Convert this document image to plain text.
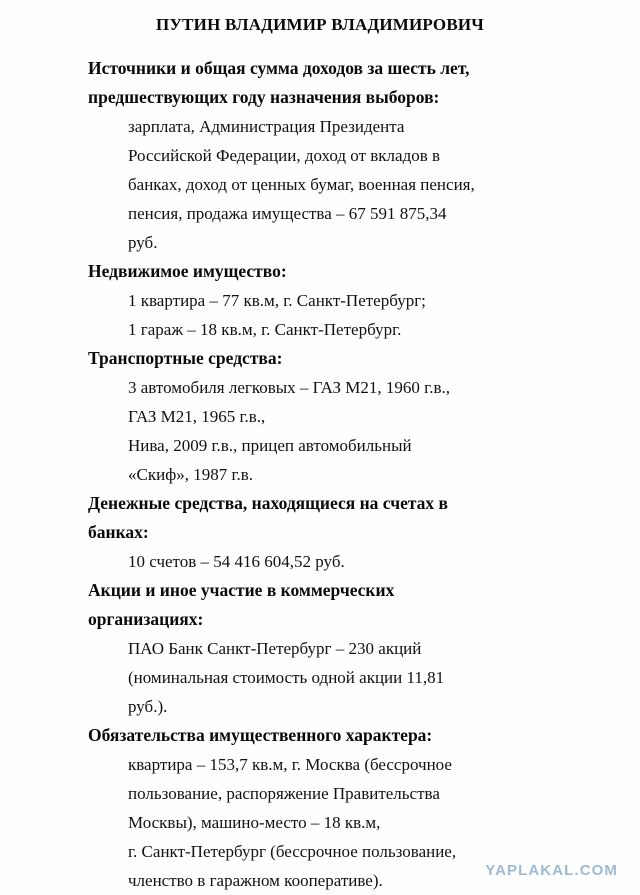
ПУТИН ВЛАДИМИР ВЛАДИМИРОВИЧ
Источники и общая сумма доходов за шесть лет,
предшествующих году назначения выборов:
зарплата, Администрация Президента
Российской Федерации, доход от вкладов в
банках, доход от ценных бумаг, военная пенсия,
пенсия, продажа имущества – 67 591 875,34
руб.
Недвижимое имущество:
1 квартира – 77 кв.м, г. Санкт-Петербург;
1 гараж – 18 кв.м, г. Санкт-Петербург.
Транспортные средства:
3 автомобиля легковых – ГАЗ М21, 1960 г.в.,
ГАЗ М21, 1965 г.в.,
Нива, 2009 г.в., прицеп автомобильный
«Скиф», 1987 г.в.
Денежные средства, находящиеся на счетах в
банках:
10 счетов – 54 416 604,52 руб.
Акции и иное участие в коммерческих
организациях:
ПАО Банк Санкт-Петербург – 230 акций
(номинальная стоимость одной акции 11,81
руб.).
Обязательства имущественного характера:
квартира – 153,7 кв.м, г. Москва (бессрочное
пользование, распоряжение Правительства
Москвы), машино-место – 18 кв.м,
г. Санкт-Петербург (бессрочное пользование,
членство в гаражном кооперативе).
YAPLAKAL.COM
